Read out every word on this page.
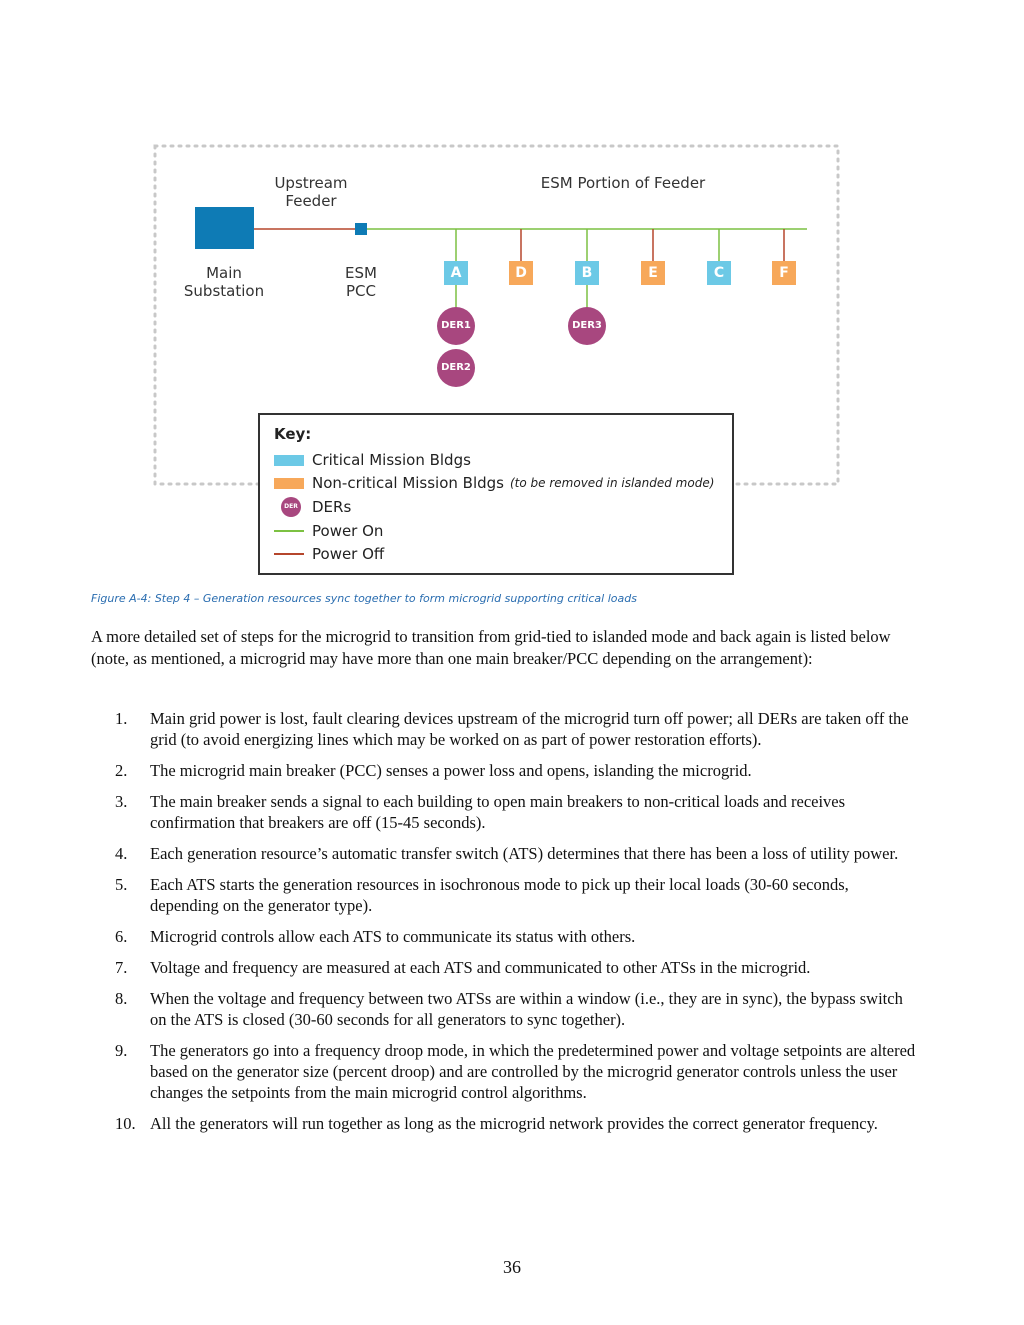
Upstream
Feeder
ESM Portion of Feeder
Main
Substation
ESM
PCC
A	D	B	E	C	F
DER1
DER2
DER3
Key:
Critical Mission Bldgs
Non-critical Mission Bldgs (to be removed in islanded mode)
DER DERs
Power On
Power Off
Figure A-4: Step 4 – Generation resources sync together to form microgrid supporting critical loads
A more detailed set of steps for the microgrid to transition from grid-tied to islanded mode and back again is listed below (note, as mentioned, a microgrid may have more than one main breaker/PCC depending on the arrangement):
1.	Main grid power is lost, fault clearing devices upstream of the microgrid turn off power; all DERs are taken off the grid (to avoid energizing lines which may be worked on as part of power restoration efforts).
2.	The microgrid main breaker (PCC) senses a power loss and opens, islanding the microgrid.
3.	The main breaker sends a signal to each building to open main breakers to non-critical loads and receives confirmation that breakers are off (15-45 seconds).
4.	Each generation resource’s automatic transfer switch (ATS) determines that there has been a loss of utility power.
5.	Each ATS starts the generation resources in isochronous mode to pick up their local loads (30-60 seconds, depending on the generator type).
6.	Microgrid controls allow each ATS to communicate its status with others.
7.	Voltage and frequency are measured at each ATS and communicated to other ATSs in the microgrid.
8.	When the voltage and frequency between two ATSs are within a window (i.e., they are in sync), the bypass switch on the ATS is closed (30-60 seconds for all generators to sync together).
9.	The generators go into a frequency droop mode, in which the predetermined power and voltage setpoints are altered based on the generator size (percent droop) and are controlled by the microgrid generator controls unless the user changes the setpoints from the main microgrid control algorithms.
10. All the generators will run together as long as the microgrid network provides the correct generator frequency.
36
